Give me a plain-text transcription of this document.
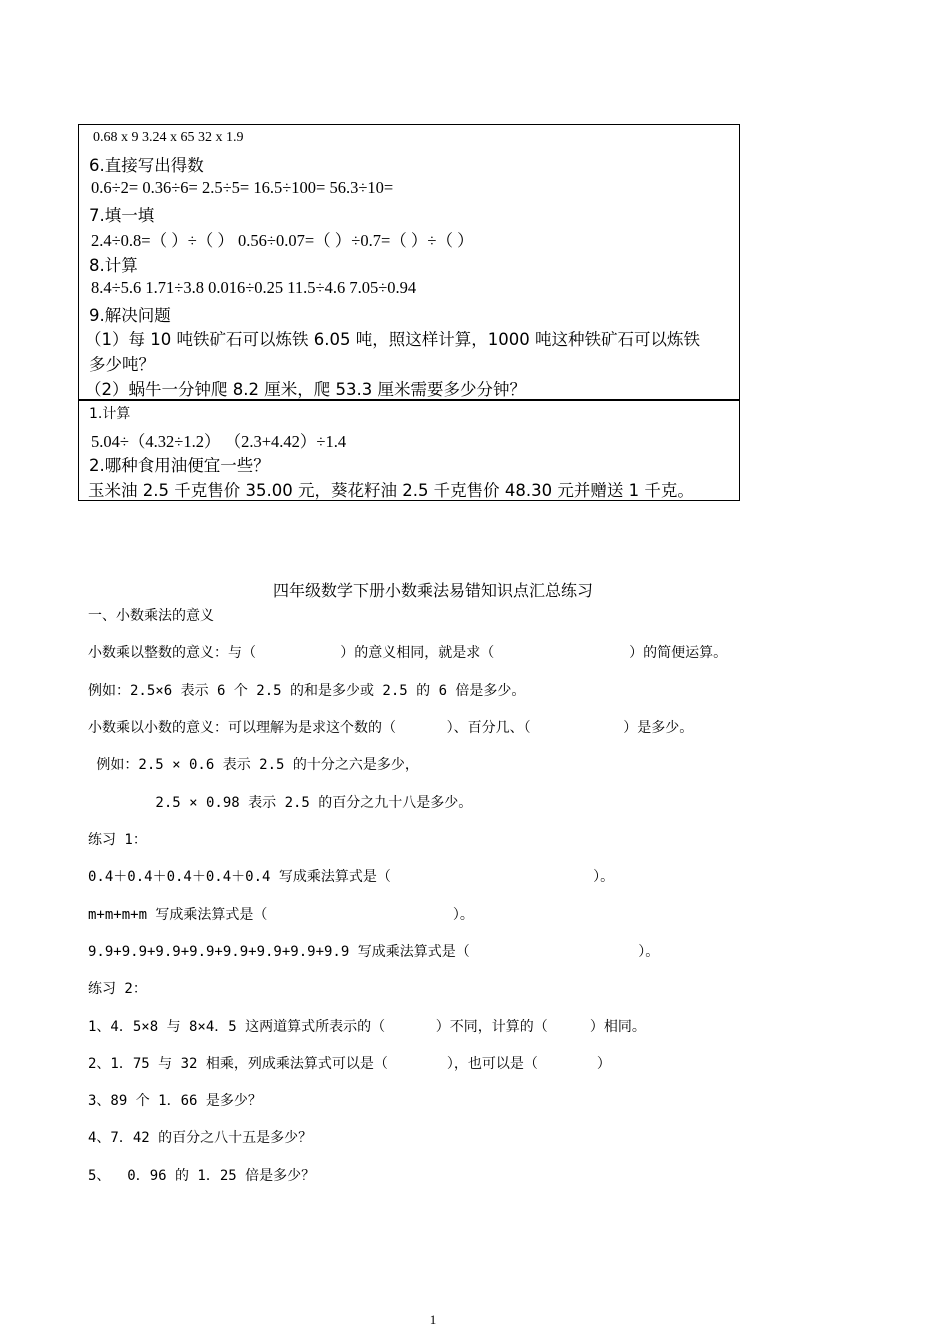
0.68 x 9 3.24 x 65 32 x 1.9
6.直接写出得数
0.6÷2= 0.36÷6= 2.5÷5= 16.5÷100= 56.3÷10=
7.填一填
2.4÷0.8=（ ）÷（ ） 0.56÷0.07=（ ）÷0.7=（ ）÷（ ）
8.计算
8.4÷5.6 1.71÷3.8 0.016÷0.25 11.5÷4.6 7.05÷0.94
9.解决问题
（1）每 10 吨铁矿石可以炼铁 6.05 吨，照这样计算，1000 吨这种铁矿石可以炼铁
多少吨？
（2）蜗牛一分钟爬 8.2 厘米，爬 53.3 厘米需要多少分钟？
1.计算
5.04÷（4.32÷1.2） （2.3+4.42）÷1.4
2.哪种食用油便宜一些？
玉米油 2.5 千克售价 35.00 元，葵花籽油 2.5 千克售价 48.30 元并赠送 1 千克。
四年级数学下册小数乘法易错知识点汇总练习
一、小数乘法的意义
小数乘以整数的意义：与（          ）的意义相同，就是求（                ）的简便运算。
例如：2.5×6 表示 6 个 2.5 的和是多少或 2.5 的 6 倍是多少。
小数乘以小数的意义：可以理解为是求这个数的（      ）、百分几、（           ）是多少。
例如：2.5 × 0.6 表示 2.5 的十分之六是多少，
2.5 × 0.98 表示 2.5 的百分之九十八是多少。
练习 1：
0.4＋0.4＋0.4＋0.4＋0.4 写成乘法算式是（                        ）。
m+m+m+m 写成乘法算式是（                      ）。
9.9+9.9+9.9+9.9+9.9+9.9+9.9+9.9 写成乘法算式是（                    ）。
练习 2：
1、4．5×8 与 8×4．5 这两道算式所表示的（      ）不同，计算的（     ）相同。
2、1．75 与 32 相乘，列成乘法算式可以是（       ），也可以是（       ）
3、89 个 1．66 是多少？
4、7．42 的百分之八十五是多少？
5、  0．96 的 1．25 倍是多少？
1
